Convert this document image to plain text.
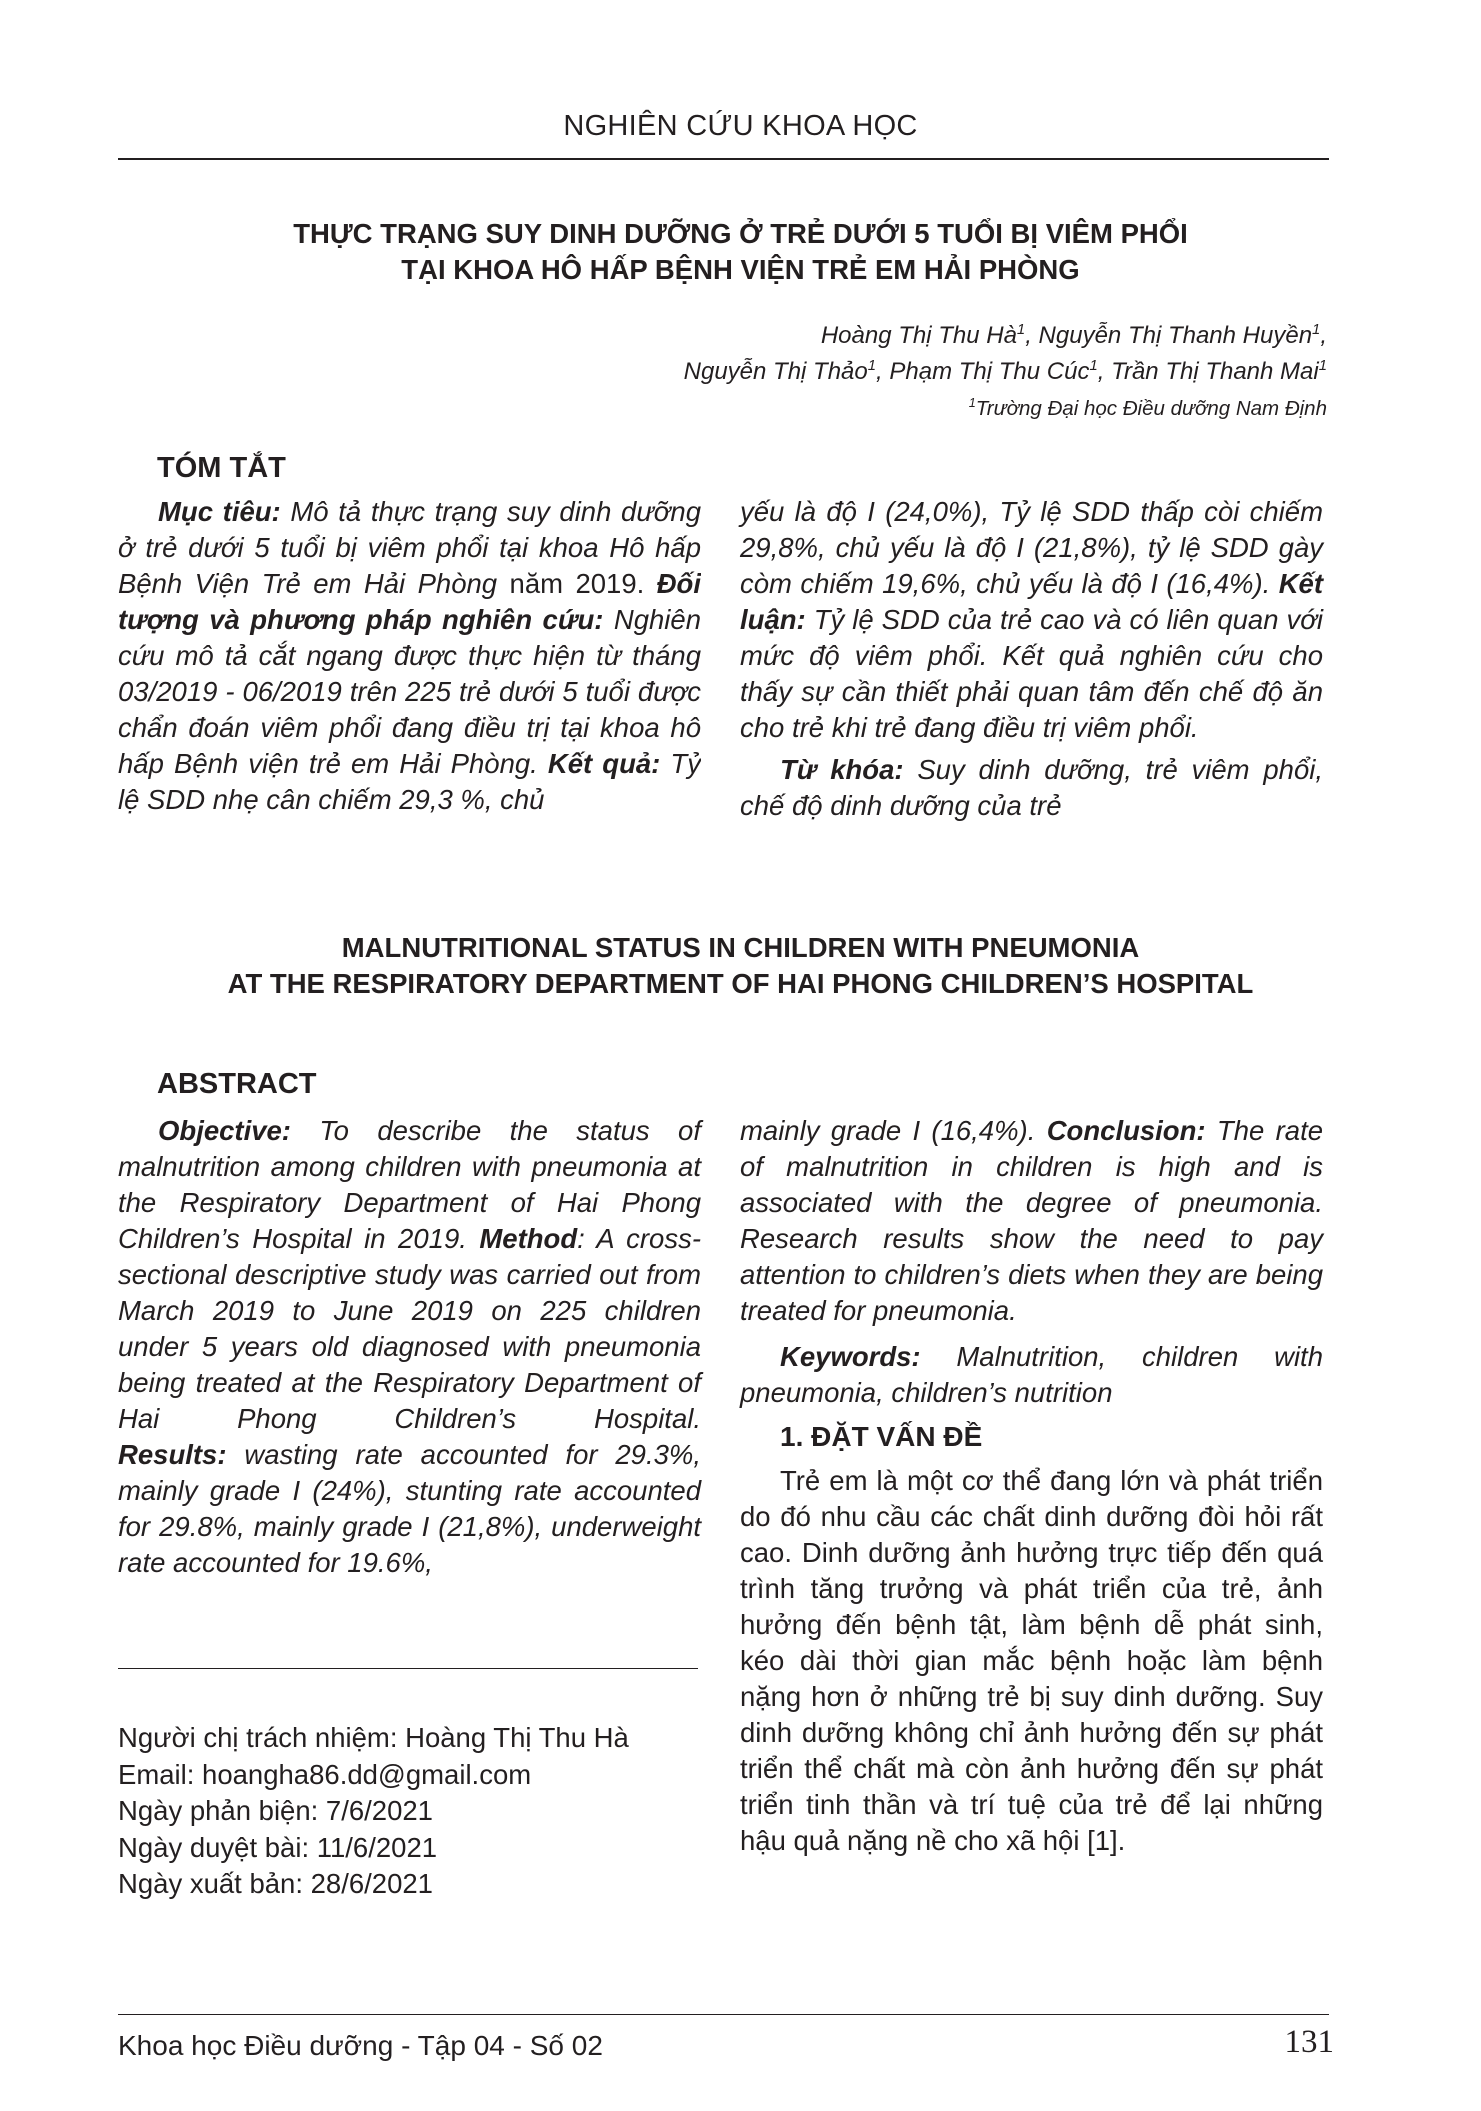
NGHIÊN CỨU KHOA HỌC
THỰC TRẠNG SUY DINH DƯỠNG Ở TRẺ DƯỚI 5 TUỔI BỊ VIÊM PHỔI
TẠI KHOA HÔ HẤP BỆNH VIỆN TRẺ EM HẢI PHÒNG
Hoàng Thị Thu $Hà^1$, Nguyễn Thị Thanh Huyền$^1$,
Nguyễn Thị Thảo$^1$, Phạm Thị Thu Cúc$^1$, Trần Thị Thanh Mai$^1$
$^1$Trường Đại học Điều dưỡng Nam Định
TÓM TẮT

Mục tiêu: Mô tả thực trạng suy dinh dưỡng ở trẻ dưới 5 tuổi bị viêm phổi tại khoa Hô hấp Bệnh Viện Trẻ em Hải Phòng năm 2019. Đối tượng và phương pháp nghiên cứu: Nghiên cứu mô tả cắt ngang được thực hiện từ tháng 03/2019 - 06/2019 trên 225 trẻ dưới 5 tuổi được chẩn đoán viêm phổi đang điều trị tại khoa hô hấp Bệnh viện trẻ em Hải Phòng. Kết quả: Tỷ lệ SDD nhẹ cân chiếm 29,3 %, chủ

yếu là độ I (24,0%), Tỷ lệ SDD thấp còi chiếm 29,8%, chủ yếu là độ I (21,8%), tỷ lệ SDD gày còm chiếm 19,6%, chủ yếu là độ I (16,4%). Kết luận: Tỷ lệ SDD của trẻ cao và có liên quan với mức độ viêm phổi. Kết quả nghiên cứu cho thấy sự cần thiết phải quan tâm đến chế độ ăn cho trẻ khi trẻ đang điều trị viêm phổi.

Từ khóa: Suy dinh dưỡng, trẻ viêm phổi, chế độ dinh dưỡng của trẻ

MALNUTRITIONAL STATUS IN CHILDREN WITH PNEUMONIA
AT THE RESPIRATORY DEPARTMENT OF HAI PHONG CHILDREN’S HOSPITAL
ABSTRACT

Objective: To describe the status of malnutrition among children with pneumonia at the Respiratory Department of Hai Phong Children’s Hospital in 2019. Method: A cross-sectional descriptive study was carried out from March 2019 to June 2019 on 225 children under 5 years old diagnosed with pneumonia being treated at the Respiratory Department of Hai Phong Children’s Hospital. Results: wasting rate accounted for 29.3%, mainly grade I (24%), stunting rate accounted for 29.8%, mainly grade I (21,8%), underweight rate accounted for 19.6%,

mainly grade I (16,4%). Conclusion: The rate of malnutrition in children is high and is associated with the degree of pneumonia. Research results show the need to pay attention to children’s diets when they are being treated for pneumonia.

Keywords: Malnutrition, children with pneumonia, children’s nutrition

1. ĐẶT VẤN ĐỀ

Trẻ em là một cơ thể đang lớn và phát triển do đó nhu cầu các chất dinh dưỡng đòi hỏi rất cao. Dinh dưỡng ảnh hưởng trực tiếp đến quá trình tăng trưởng và phát triển của trẻ, ảnh hưởng đến bệnh tật, làm bệnh dễ phát sinh, kéo dài thời gian mắc bệnh hoặc làm bệnh nặng hơn ở những trẻ bị suy dinh dưỡng. Suy dinh dưỡng không chỉ ảnh hưởng đến sự phát triển thể chất mà còn ảnh hưởng đến sự phát triển tinh thần và trí tuệ của trẻ để lại những hậu quả nặng nề cho xã hội [1].

Người chị trách nhiệm: Hoàng Thị Thu Hà
Email: hoangha86.dd@gmail.com
Ngày phản biện: 7/6/2021
Ngày duyệt bài: 11/6/2021
Ngày xuất bản: 28/6/2021
Khoa học Điều dưỡng - Tập 04 - Số 02	131
